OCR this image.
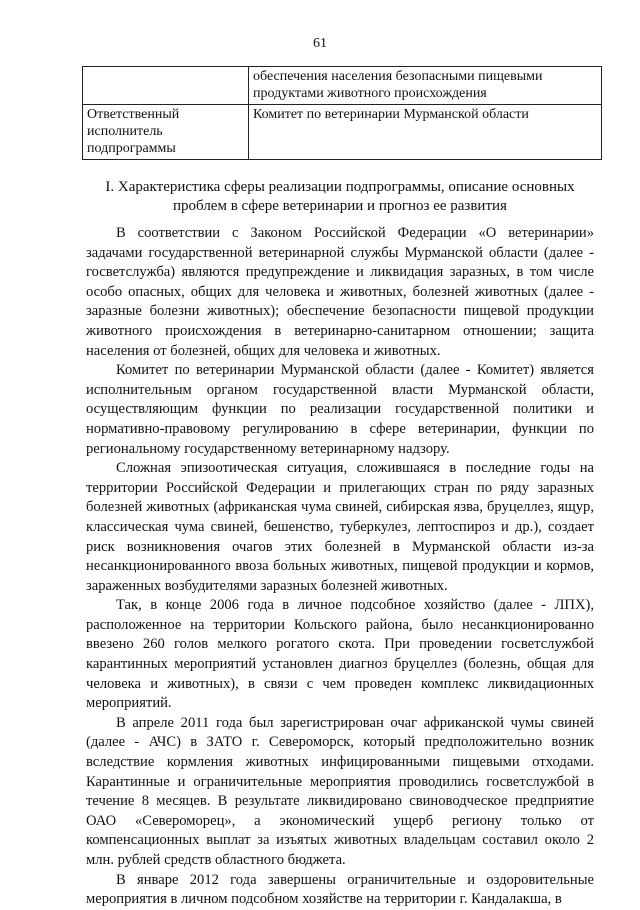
61
	обеспечения населения безопасными пищевыми продуктами животного происхождения
Ответственный исполнитель подпрограммы	Комитет по ветеринарии Мурманской области
I. Характеристика сферы реализации подпрограммы, описание основных проблем в сфере ветеринарии и прогноз ее развития

В соответствии с Законом Российской Федерации «О ветеринарии» задачами государственной ветеринарной службы Мурманской области (далее - госветслужба) являются предупреждение и ликвидация заразных, в том числе особо опасных, общих для человека и животных, болезней животных (далее - заразные болезни животных); обеспечение безопасности пищевой продукции животного происхождения в ветеринарно-санитарном отношении; защита населения от болезней, общих для человека и животных.

Комитет по ветеринарии Мурманской области (далее - Комитет) является исполнительным органом государственной власти Мурманской области, осуществляющим функции по реализации государственной политики и нормативно-правовому регулированию в сфере ветеринарии, функции по региональному государственному ветеринарному надзору.

Сложная эпизоотическая ситуация, сложившаяся в последние годы на территории Российской Федерации и прилегающих стран по ряду заразных болезней животных (африканская чума свиней, сибирская язва, бруцеллез, ящур, классическая чума свиней, бешенство, туберкулез, лептоспироз и др.), создает риск возникновения очагов этих болезней в Мурманской области из-за несанкционированного ввоза больных животных, пищевой продукции и кормов, зараженных возбудителями заразных болезней животных.

Так, в конце 2006 года в личное подсобное хозяйство (далее - ЛПХ), расположенное на территории Кольского района, было несанкционированно ввезено 260 голов мелкого рогатого скота. При проведении госветслужбой карантинных мероприятий установлен диагноз бруцеллез (болезнь, общая для человека и животных), в связи с чем проведен комплекс ликвидационных мероприятий.

В апреле 2011 года был зарегистрирован очаг африканской чумы свиней (далее - АЧС) в ЗАТО г. Североморск, который предположительно возник вследствие кормления животных инфицированными пищевыми отходами. Карантинные и ограничительные мероприятия проводились госветслужбой в течение 8 месяцев. В результате ликвидировано свиноводческое предприятие ОАО «Североморец», а экономический ущерб региону только от компенсационных выплат за изъятых животных владельцам составил около 2 млн. рублей средств областного бюджета.

В январе 2012 года завершены ограничительные и оздоровительные мероприятия в личном подсобном хозяйстве на территории г. Кандалакша, в
